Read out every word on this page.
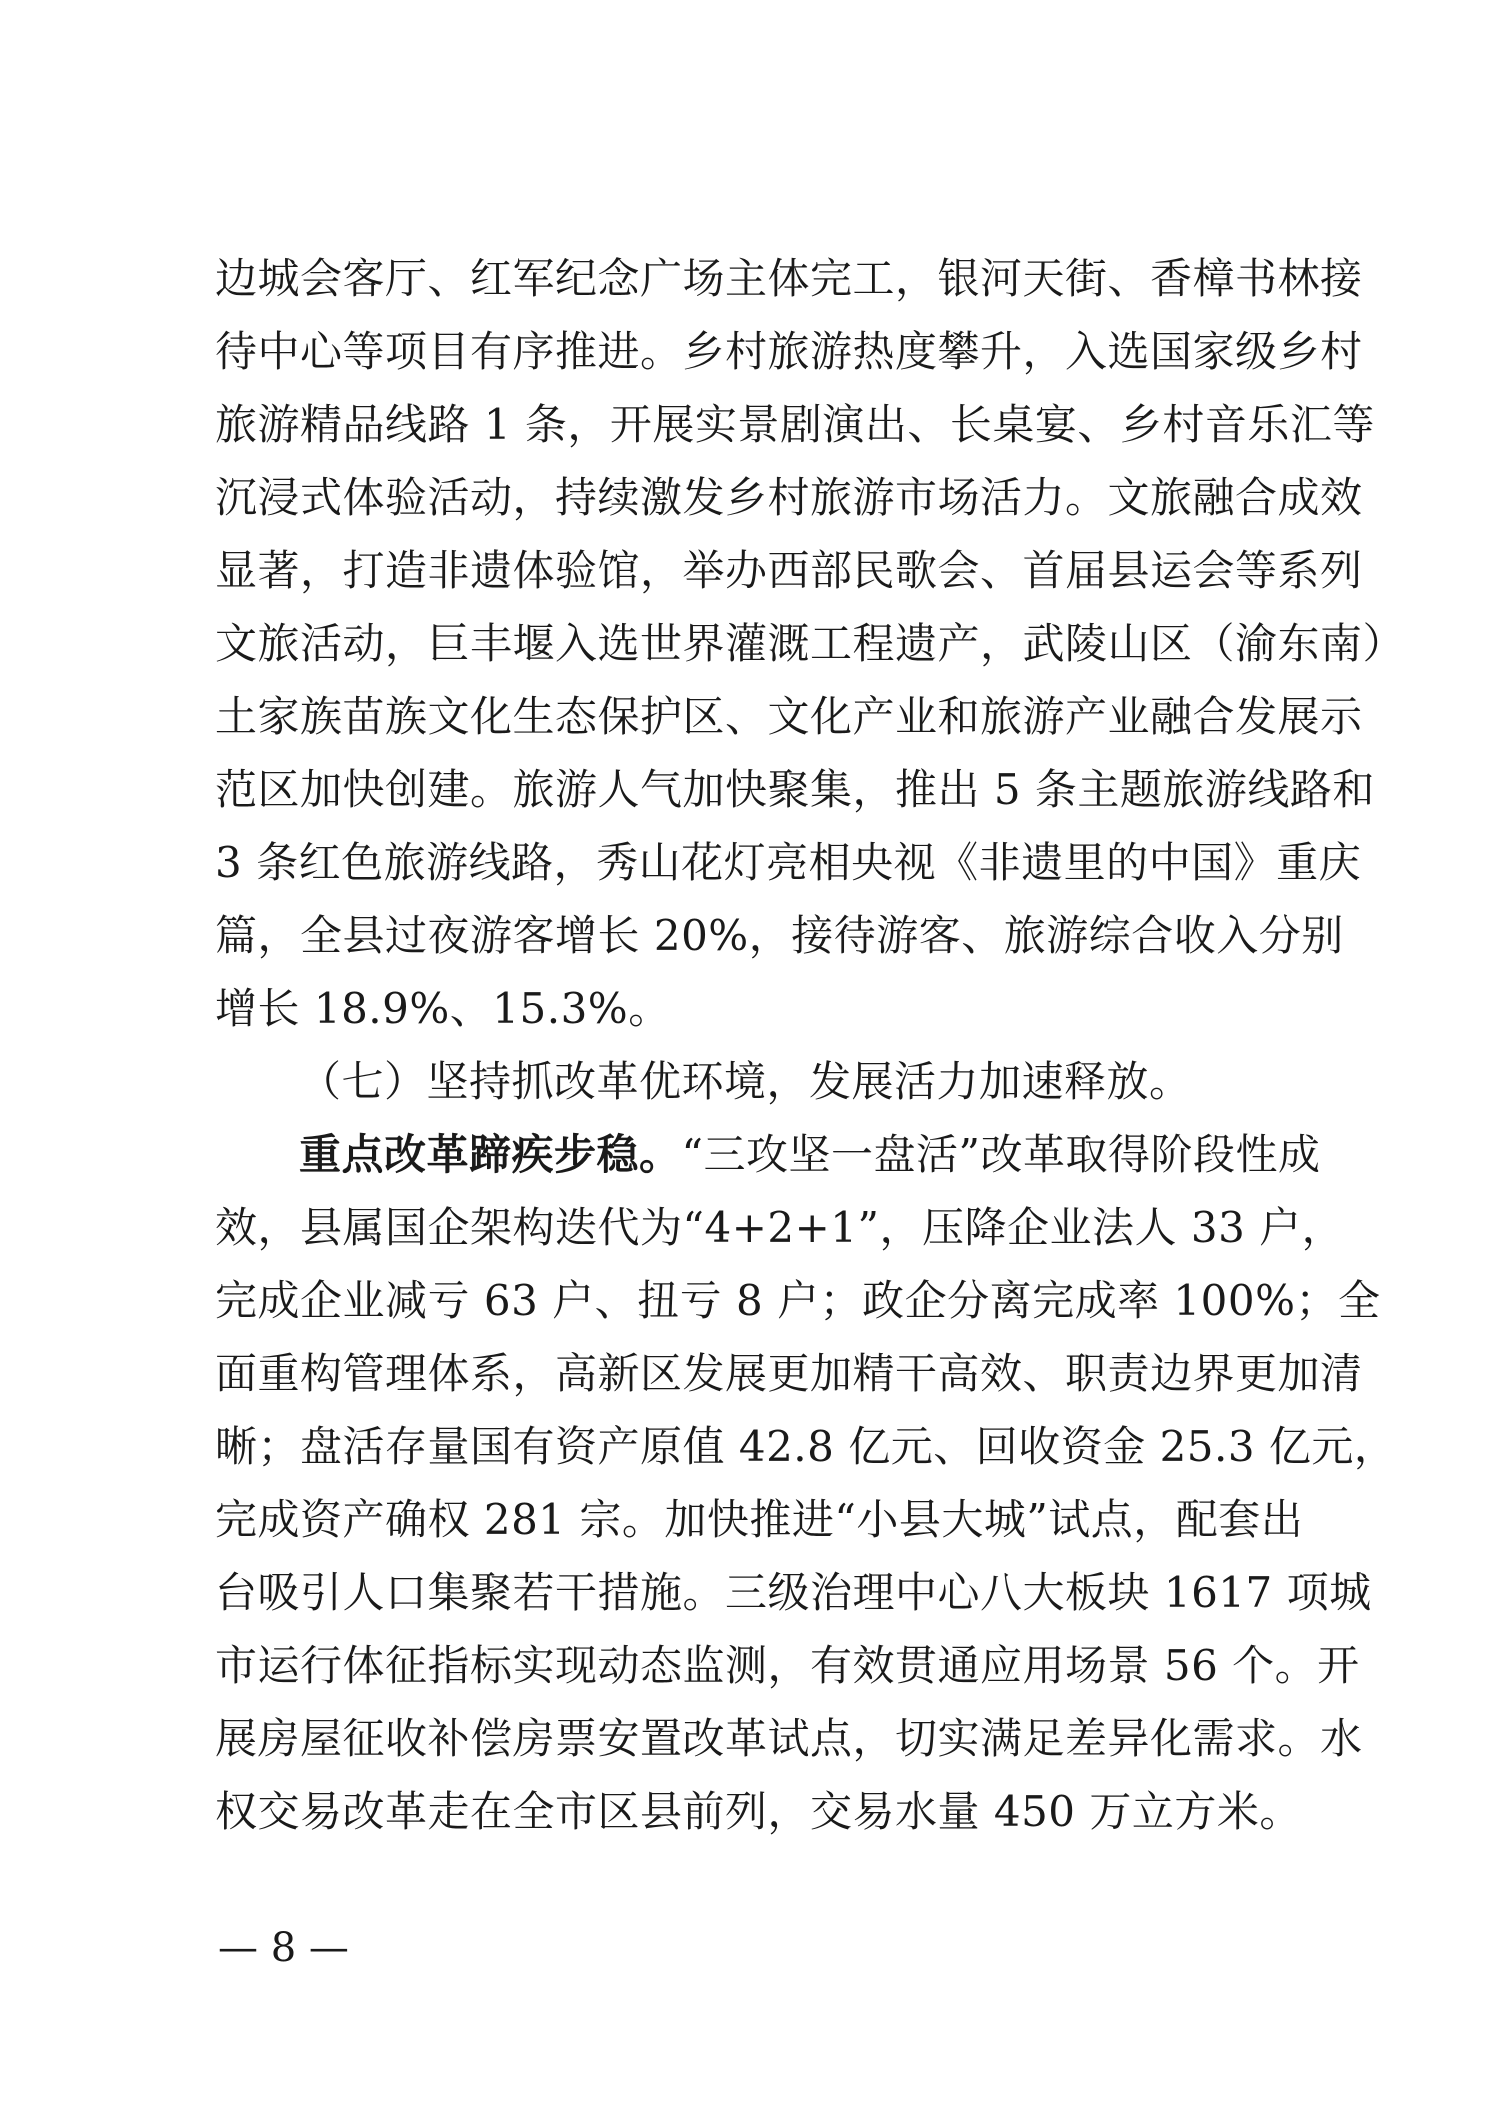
边城会客厅、红军纪念广场主体完工，银河天街、香樟书林接
待中心等项目有序推进。乡村旅游热度攀升，入选国家级乡村
旅游精品线路 1 条，开展实景剧演出、长桌宴、乡村音乐汇等
沉浸式体验活动，持续激发乡村旅游市场活力。文旅融合成效
显著，打造非遗体验馆，举办西部民歌会、首届县运会等系列
文旅活动，巨丰堰入选世界灌溉工程遗产，武陵山区（渝东南）
土家族苗族文化生态保护区、文化产业和旅游产业融合发展示
范区加快创建。旅游人气加快聚集，推出 5 条主题旅游线路和
3 条红色旅游线路，秀山花灯亮相央视《非遗里的中国》重庆
篇，全县过夜游客增长 20%，接待游客、旅游综合收入分别
增长 18.9%、15.3%。
（七）坚持抓改革优环境，发展活力加速释放。
重点改革蹄疾步稳。“三攻坚一盘活”改革取得阶段性成
效，县属国企架构迭代为“4+2+1”，压降企业法人 33 户，
完成企业减亏 63 户、扭亏 8 户；政企分离完成率 100%；全
面重构管理体系，高新区发展更加精干高效、职责边界更加清
晰；盘活存量国有资产原值 42.8 亿元、回收资金 25.3 亿元，
完成资产确权 281 宗。加快推进“小县大城”试点，配套出
台吸引人口集聚若干措施。三级治理中心八大板块 1617 项城
市运行体征指标实现动态监测，有效贯通应用场景 56 个。开
展房屋征收补偿房票安置改革试点，切实满足差异化需求。水
权交易改革走在全市区县前列，交易水量 450 万立方米。
— 8 —
